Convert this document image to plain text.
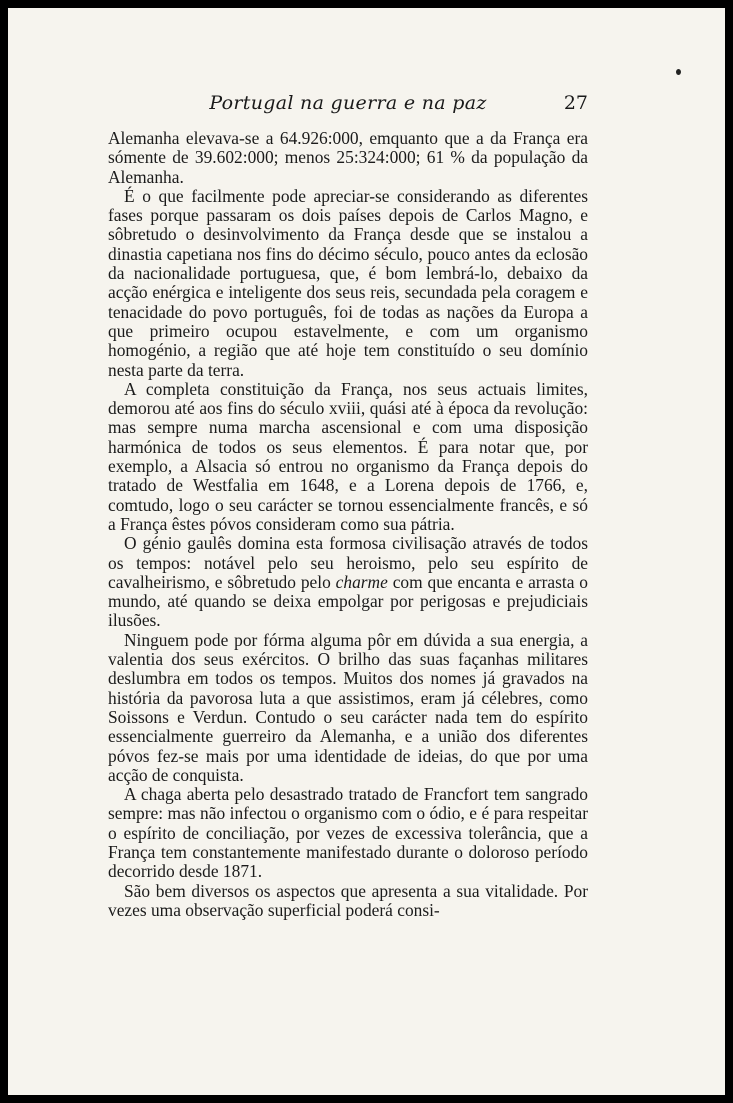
Portugal na guerra e na paz	27

Alemanha elevava-se a 64.926:000, emquanto que a da França era sómente de 39.602:000; menos 25:324:000; 61 % da população da Alemanha.

É o que facilmente pode apreciar-se considerando as diferentes fases porque passaram os dois países depois de Carlos Magno, e sôbretudo o desinvolvimento da França desde que se instalou a dinastia capetiana nos fins do décimo século, pouco antes da eclosão da nacionalidade portuguesa, que, é bom lembrá-lo, debaixo da acção enérgica e inteligente dos seus reis, secundada pela coragem e tenacidade do povo português, foi de todas as nações da Europa a que primeiro ocupou estavelmente, e com um organismo homogénio, a região que até hoje tem constituído o seu domínio nesta parte da terra.

A completa constituição da França, nos seus actuais limites, demorou até aos fins do século xviii, quási até à época da revolução: mas sempre numa marcha ascensional e com uma disposição harmónica de todos os seus elementos. É para notar que, por exemplo, a Alsacia só entrou no organismo da França depois do tratado de Westfalia em 1648, e a Lorena depois de 1766, e, comtudo, logo o seu carácter se tornou essencialmente francês, e só a França êstes póvos consideram como sua pátria.

O génio gaulês domina esta formosa civilisação através de todos os tempos: notável pelo seu heroismo, pelo seu espírito de cavalheirismo, e sôbretudo pelo charme com que encanta e arrasta o mundo, até quando se deixa empolgar por perigosas e prejudiciais ilusões.

Ninguem pode por fórma alguma pôr em dúvida a sua energia, a valentia dos seus exércitos. O brilho das suas façanhas militares deslumbra em todos os tempos. Muitos dos nomes já gravados na história da pavorosa luta a que assistimos, eram já célebres, como Soissons e Verdun. Contudo o seu carácter nada tem do espírito essencialmente guerreiro da Alemanha, e a união dos diferentes póvos fez-se mais por uma identidade de ideias, do que por uma acção de conquista.

A chaga aberta pelo desastrado tratado de Francfort tem sangrado sempre: mas não infectou o organismo com o ódio, e é para respeitar o espírito de conciliação, por vezes de excessiva tolerância, que a França tem constantemente manifestado durante o doloroso período decorrido desde 1871.

São bem diversos os aspectos que apresenta a sua vitalidade. Por vezes uma observação superficial poderá consi-
